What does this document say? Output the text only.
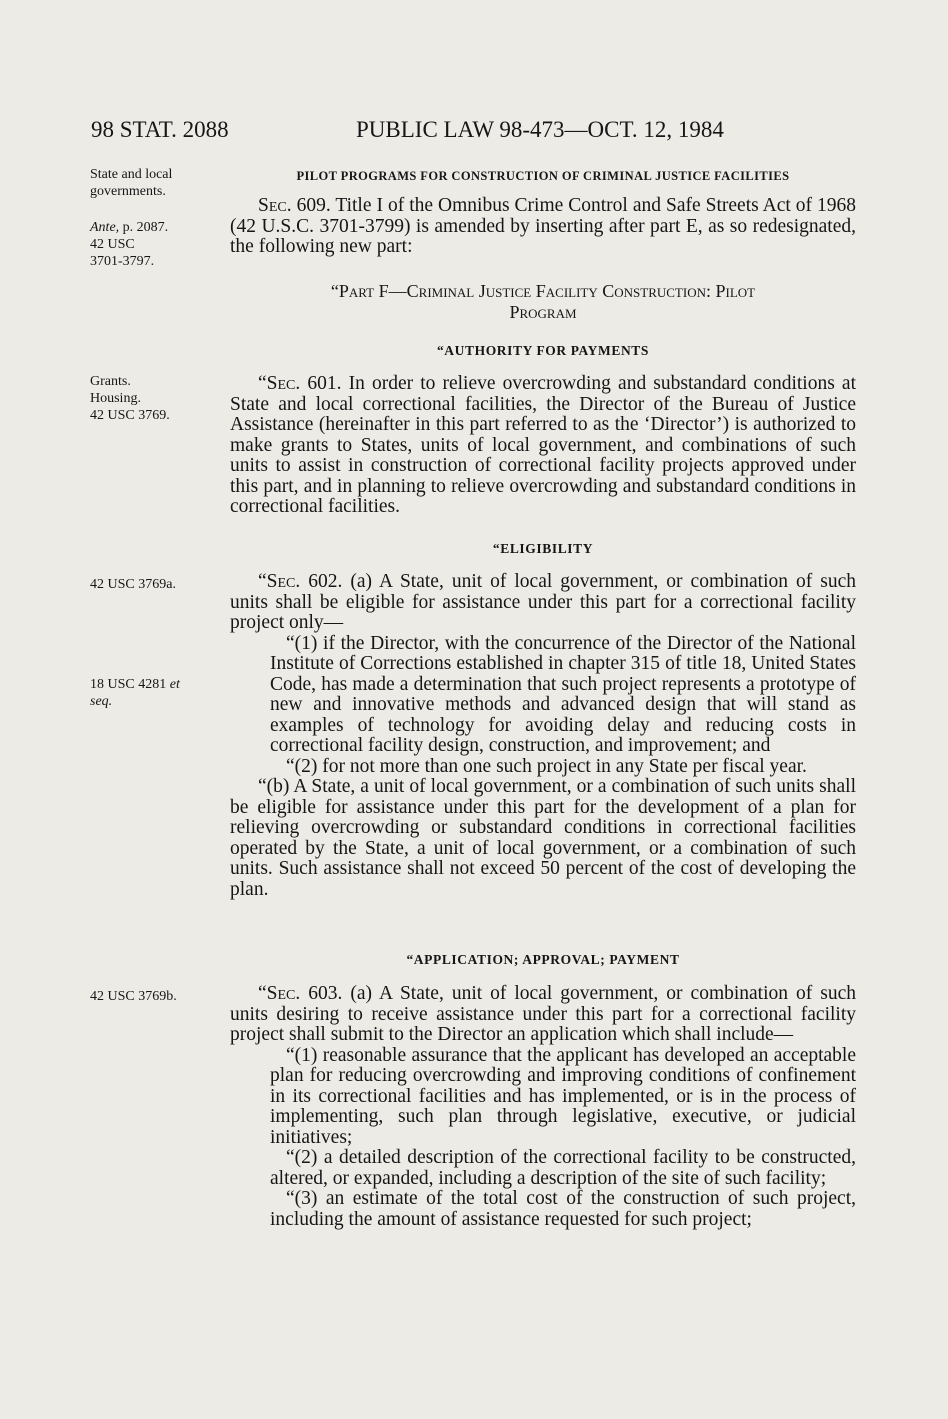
98 STAT. 2088	PUBLIC LAW 98-473—OCT. 12, 1984
State and local
governments.
Ante, p. 2087.
42 USC
3701-3797.
Grants.
Housing.
42 USC 3769.
42 USC 3769a.
18 USC 4281 et
seq.
42 USC 3769b.
PILOT PROGRAMS FOR CONSTRUCTION OF CRIMINAL JUSTICE FACILITIES

Sec. 609. Title I of the Omnibus Crime Control and Safe Streets Act of 1968 (42 U.S.C. 3701-3799) is amended by inserting after part E, as so redesignated, the following new part:

“Part F—Criminal Justice Facility Construction: Pilot
Program
“AUTHORITY FOR PAYMENTS

“Sec. 601. In order to relieve overcrowding and substandard conditions at State and local correctional facilities, the Director of the Bureau of Justice Assistance (hereinafter in this part referred to as the ‘Director’) is authorized to make grants to States, units of local government, and combinations of such units to assist in construction of correctional facility projects approved under this part, and in planning to relieve overcrowding and substandard conditions in correctional facilities.

“ELIGIBILITY

“Sec. 602. (a) A State, unit of local government, or combination of such units shall be eligible for assistance under this part for a correctional facility project only—

“(1) if the Director, with the concurrence of the Director of the National Institute of Corrections established in chapter 315 of title 18, United States Code, has made a determination that such project represents a prototype of new and innovative methods and advanced design that will stand as examples of technology for avoiding delay and reducing costs in correctional facility design, construction, and improvement; and

“(2) for not more than one such project in any State per fiscal year.

“(b) A State, a unit of local government, or a combination of such units shall be eligible for assistance under this part for the development of a plan for relieving overcrowding or substandard conditions in correctional facilities operated by the State, a unit of local government, or a combination of such units. Such assistance shall not exceed 50 percent of the cost of developing the plan.

“APPLICATION; APPROVAL; PAYMENT

“Sec. 603. (a) A State, unit of local government, or combination of such units desiring to receive assistance under this part for a correctional facility project shall submit to the Director an application which shall include—

“(1) reasonable assurance that the applicant has developed an acceptable plan for reducing overcrowding and improving conditions of confinement in its correctional facilities and has implemented, or is in the process of implementing, such plan through legislative, executive, or judicial initiatives;

“(2) a detailed description of the correctional facility to be constructed, altered, or expanded, including a description of the site of such facility;

“(3) an estimate of the total cost of the construction of such project, including the amount of assistance requested for such project;
